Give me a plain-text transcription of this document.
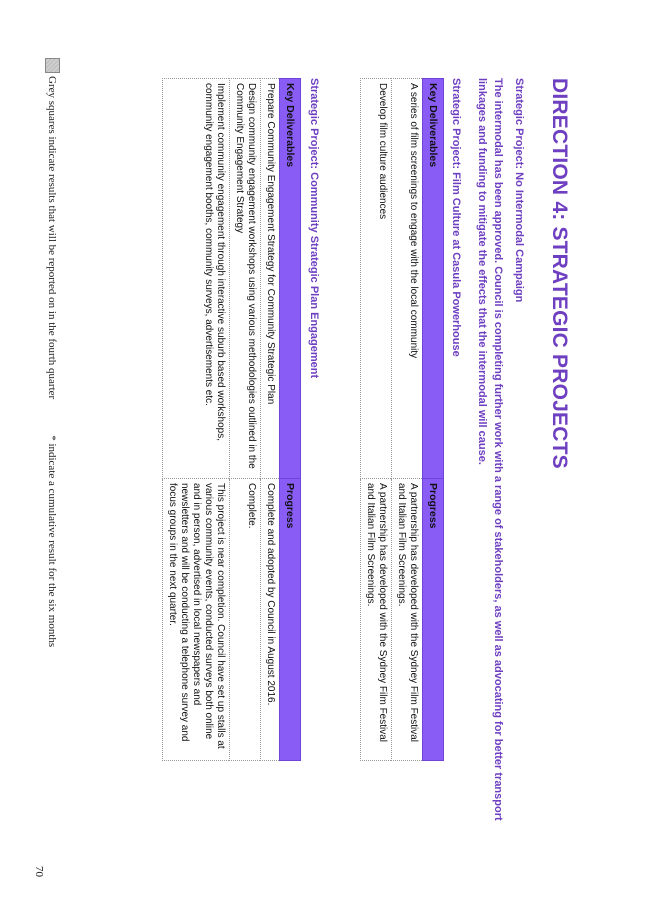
DIRECTION 4: STRATEGIC PROJECTS
Strategic Project: No Intermodal Campaign
The intermodal has been approved. Council is completing further work with a range of stakeholders, as well as advocating for better transport linkages and funding to mitigate the effects that the intermodal will cause.
Strategic Project: Film Culture at Casula Powerhouse
Key Deliverables	Progress
A series of film screenings to engage with the local community	A partnership has developed with the Sydney Film Festival and Italian Film Screenings.
Develop film culture audiences	A partnership has developed with the Sydney Film Festival and Italian Film Screenings.
Strategic Project: Community Strategic Plan Engagement
Key Deliverables	Progress
Prepare Community Engagement Strategy for Community Strategic Plan	Complete and adopted by Council in August 2016.
Design community engagement workshops using various methodologies outlined in the Community Engagement Strategy	Complete.
Implement community engagement through interactive suburb based workshops, community engagement booths, community surveys, advertisements etc.	This project is near completion. Council have set up stalls at various community events, conducted surveys both online and in person, advertised in local newspapers and newsletters and will be conducting a telephone survey and focus groups in the next quarter.
Grey squares indicate results that will be reported on in the fourth quarter
* indicate a cumulative result for the six months
70
